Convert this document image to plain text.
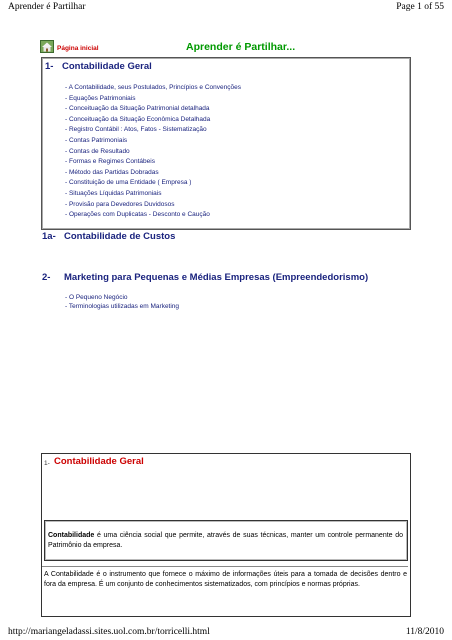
Aprender é Partilhar	Page 1 of 55
Página inicial	Aprender é Partilhar...
1- Contabilidade Geral
- A Contabilidade, seus Postulados, Princípios e Convenções
- Equações Patrimoniais
- Conceituação da Situação Patrimonial detalhada
- Conceituação da Situação Econômica Detalhada
- Registro Contábil : Atos, Fatos - Sistematização
- Contas Patrimoniais
- Contas de Resultado
- Formas e Regimes Contábeis
- Método das Partidas Dobradas
- Constituição de uma Entidade ( Empresa )
- Situações Líquidas Patrimoniais
- Provisão para Devedores Duvidosos
- Operações com Duplicatas - Desconto e Caução
1a- Contabilidade de Custos
2- Marketing para Pequenas e Médias Empresas (Empreendedorismo)
- O Pequeno Negócio
- Terminologias utilizadas em Marketing
1- Contabilidade Geral
Contabilidade é uma ciência social que permite, através de suas técnicas, manter um controle permanente do Patrimônio da empresa.
A Contabilidade é o instrumento que fornece o máximo de informações úteis para a tomada de decisões dentro e fora da empresa. É um conjunto de conhecimentos sistematizados, com princípios e normas próprias.
http://mariangeladassi.sites.uol.com.br/torricelli.html	11/8/2010
